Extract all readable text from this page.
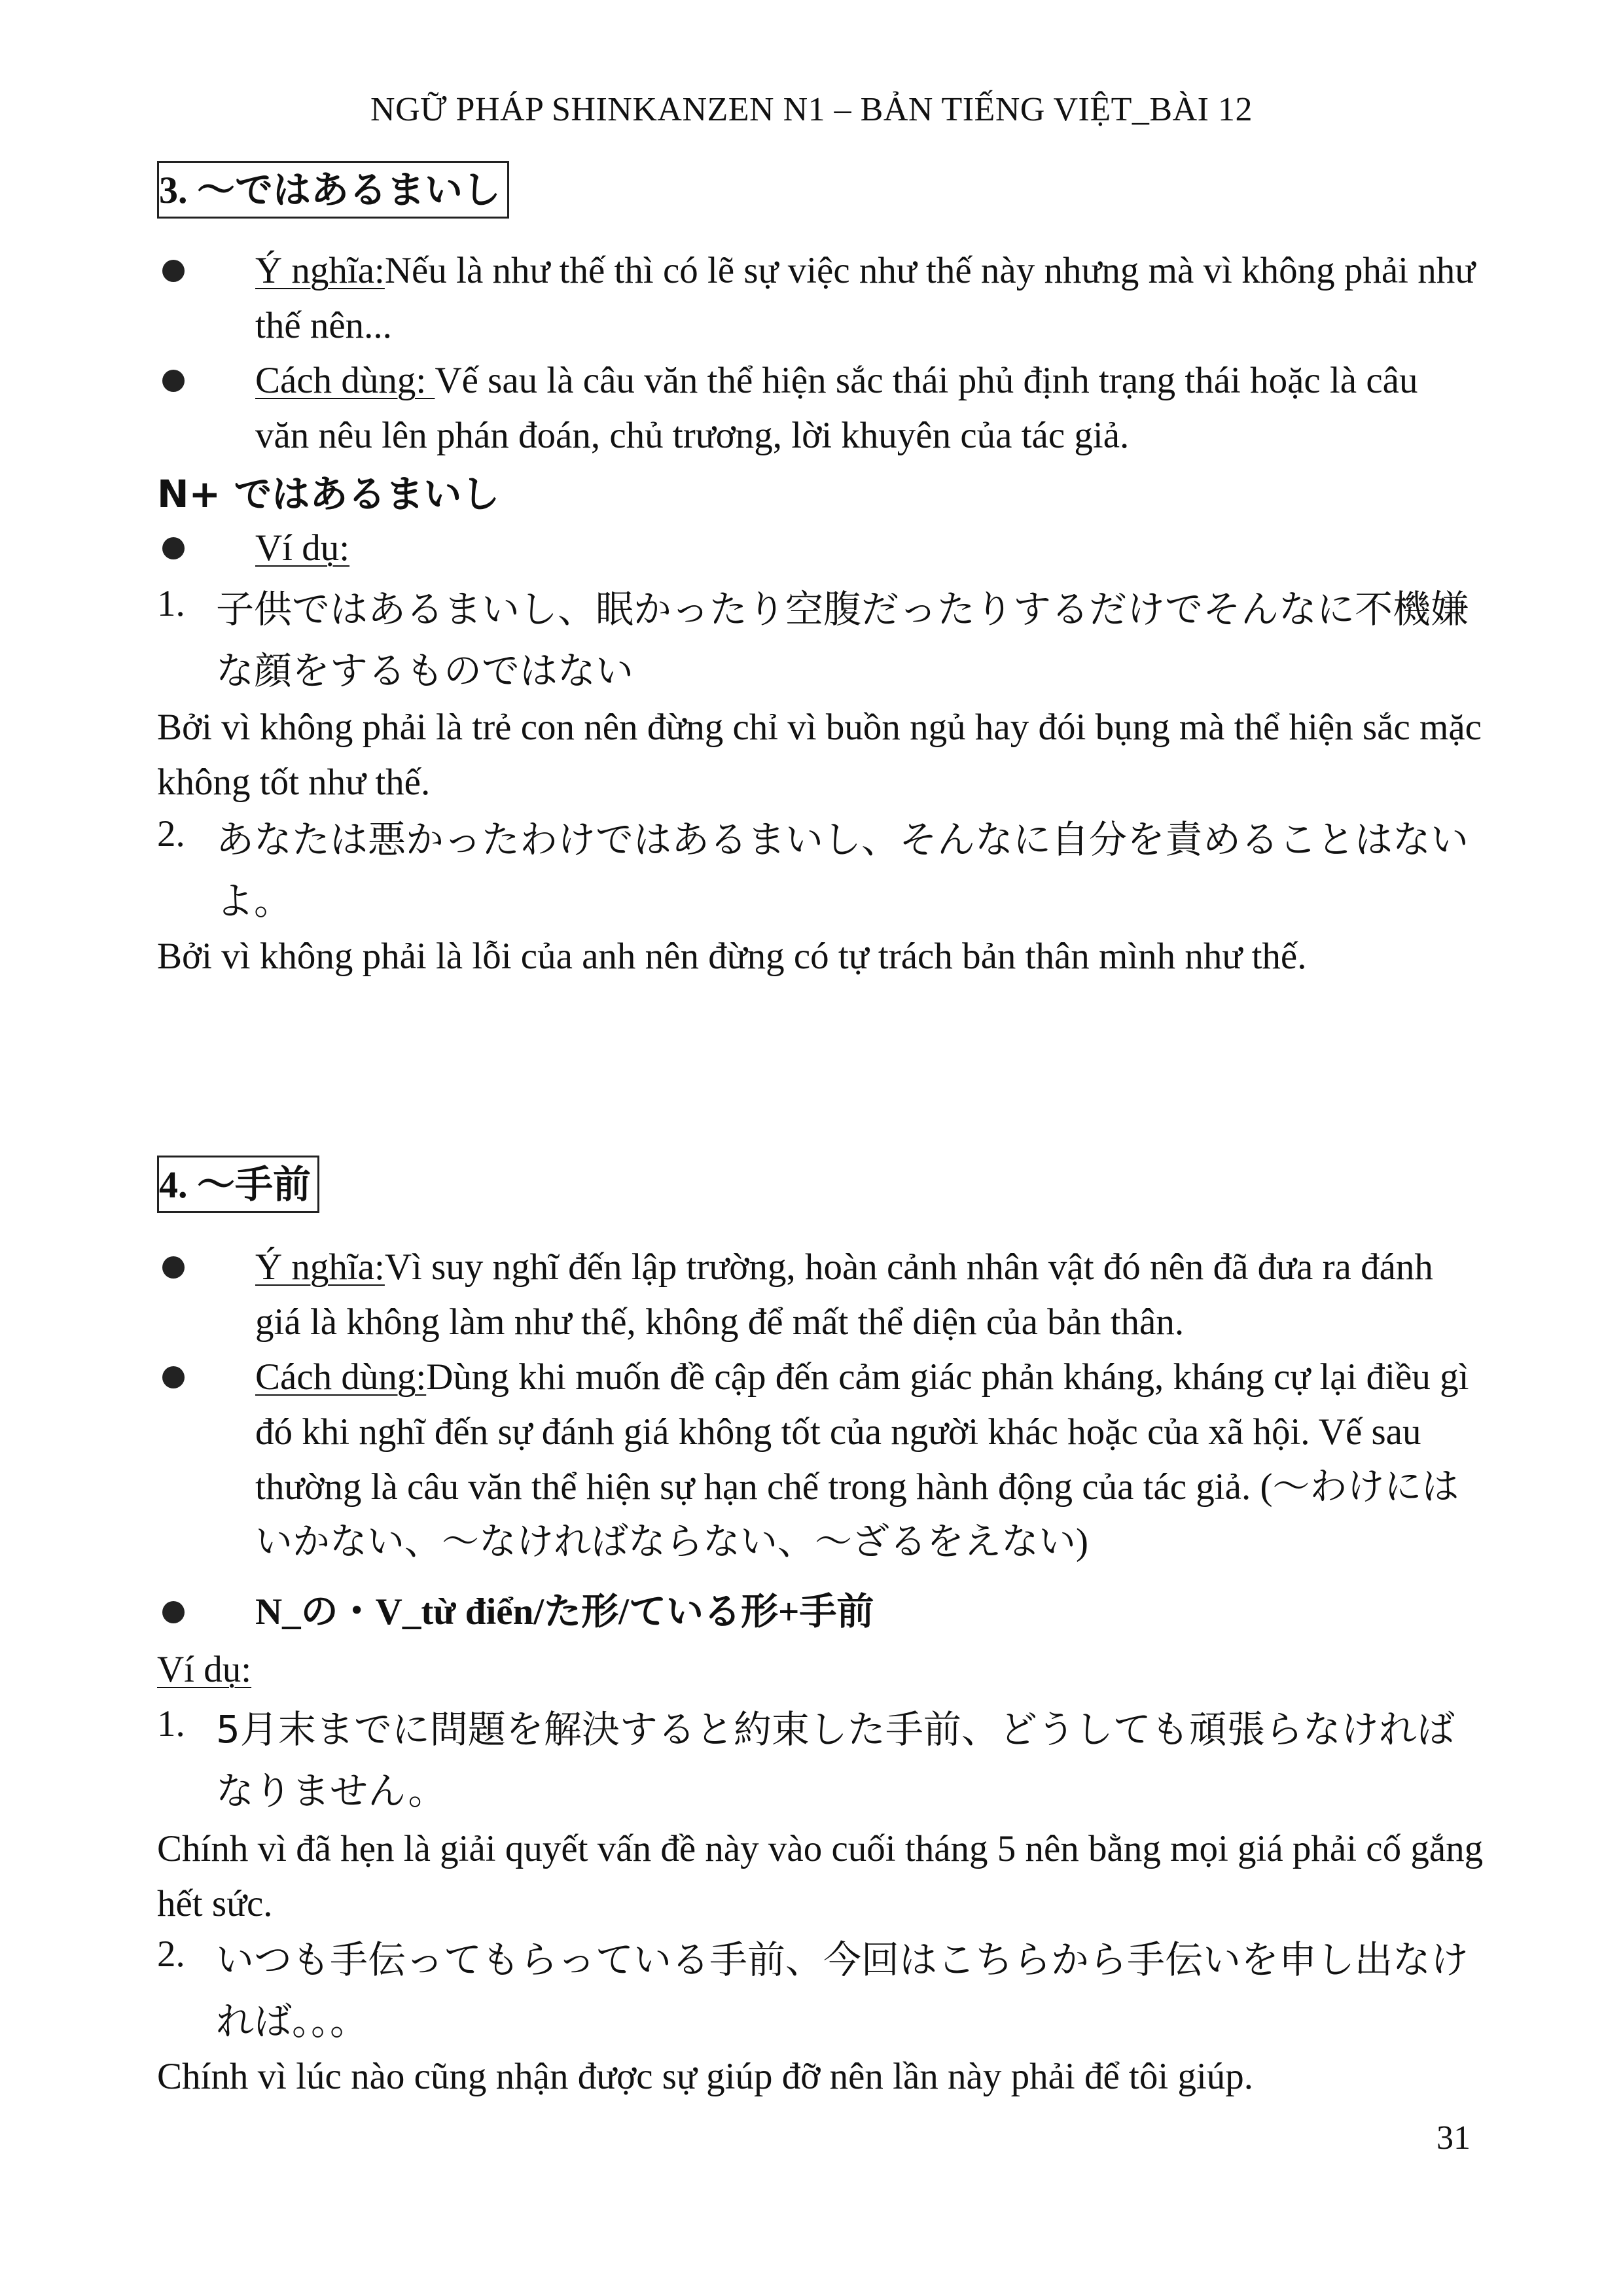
NGỮ PHÁP SHINKANZEN N1 – BẢN TIẾNG VIỆT_BÀI 12
3. ～ではあるまいし
Ý nghĩa:Nếu là như thế thì có lẽ sự việc như thế này nhưng mà vì không phải như thế nên...
Cách dùng: Vế sau là câu văn thể hiện sắc thái phủ định trạng thái hoặc là câu văn nêu lên phán đoán, chủ trương, lời khuyên của tác giả.
N+ ではあるまいし
Ví dụ:
1. 子供ではあるまいし、眠かったり空腹だったりするだけでそんなに不機嫌な顔をするものではない
Bởi vì không phải là trẻ con nên đừng chỉ vì buồn ngủ hay đói bụng mà thể hiện sắc mặc không tốt như thế.
2. あなたは悪かったわけではあるまいし、そんなに自分を責めることはないよ。
Bởi vì không phải là lỗi của anh nên đừng có tự trách bản thân mình như thế.
4. ～手前
Ý nghĩa:Vì suy nghĩ đến lập trường, hoàn cảnh nhân vật đó nên đã đưa ra đánh giá là không làm như thế, không để mất thể diện của bản thân.
Cách dùng:Dùng khi muốn đề cập đến cảm giác phản kháng, kháng cự lại điều gì đó khi nghĩ đến sự đánh giá không tốt của người khác hoặc của xã hội. Vế sau thường là câu văn thể hiện sự hạn chế trong hành động của tác giả. (～わけにはいかない、～なければならない、～ざるをえない)
N_の・V_từ điển/た形/ている形+手前
Ví dụ:
1. 5月末までに問題を解決すると約束した手前、どうしても頑張らなければなりません。
Chính vì đã hẹn là giải quyết vấn đề này vào cuối tháng 5 nên bằng mọi giá phải cố gắng hết sức.
2. いつも手伝ってもらっている手前、今回はこちらから手伝いを申し出なければ。。。
Chính vì lúc nào cũng nhận được sự giúp đỡ nên lần này phải để tôi giúp.
31
